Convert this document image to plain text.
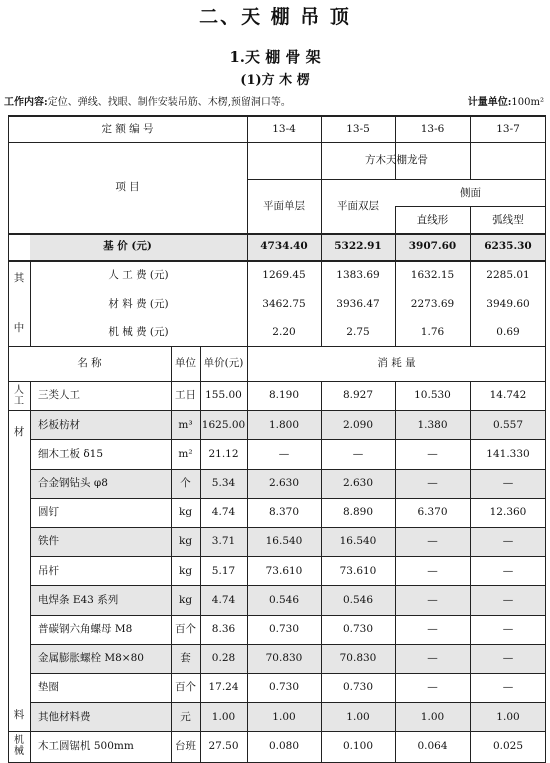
二、天 棚 吊 顶
1.天 棚 骨 架
(1)方 木 楞
工作内容:定位、弹线、找眼、制作安装吊筋、木楞,预留洞口等。	计量单位:100m²
定 额 编 号	13-4	13-5	13-6	13-7
项 目
方木天棚龙骨
平面单层	平面双层
侧面
直线形	弧线型
基 价 (元)	4734.40	5322.91	3907.60	6235.30
其
中
人 工 费 (元)	1269.45	1383.69	1632.15	2285.01
材 料 费 (元)	3462.75	3936.47	2273.69	3949.60
机 械 费 (元)	2.20	2.75	1.76	0.69
名 称	单位 单价(元)	消 耗 量
三类人工	工日 155.00	8.190	8.927	10.530	14.742
杉板枋材	m³ 1625.00	1.800	2.090	1.380	0.557
细木工板 δ15	m²	21.12	—	—	—	141.330
合金钢钻头 φ8	个	5.34	2.630	2.630	—	—
圆钉	kg	4.74	8.370	8.890	6.370	12.360
铁件	kg	3.71	16.540	16.540	—	—
吊杆	kg	5.17	73.610	73.610	—	—
电焊条 E43 系列	kg	4.74	0.546	0.546	—	—
普碳钢六角螺母 M8	百个	8.36	0.730	0.730	—	—
金属膨胀螺栓 M8×80	套	0.28	70.830	70.830	—	—
垫圈	百个	17.24	0.730	0.730	—	—
其他材料费	元	1.00	1.00	1.00	1.00	1.00
木工圆锯机 500mm	台班	27.50	0.080	0.100	0.064	0.025
人工
材
料
机械
